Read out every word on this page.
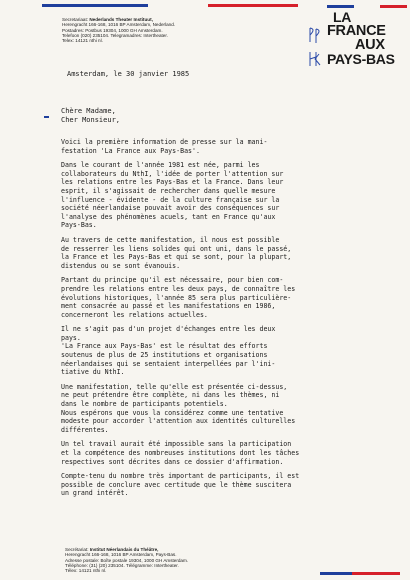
Secretariaat: Nederlands Theater Instituut,
Herengracht 166-168, 1016 BP Amsterdam, Nederland.
Postadres: Postbus 19304, 1000 GH Amsterdam.
Telefoon (020) 235104. Telegramadres: Intertheater.
Telex: 14121 nthi nl.
LA
FRANCE
AUX
PAYS-BAS
Amsterdam, le 30 janvier 1985
Chère Madame,
Cher Monsieur,
Voici la première information de presse sur la mani-
festation 'La France aux Pays-Bas'.
Dans le courant de l'année 1981 est née, parmi les
collaborateurs du NthI, l'idée de porter l'attention sur
les relations entre les Pays-Bas et la France. Dans leur
esprit, il s'agissait de rechercher dans quelle mesure
l'influence - évidente - de la culture française sur la
société néerlandaise pouvait avoir des conséquences sur
l'analyse des phénomènes acuels, tant en France qu'aux
Pays-Bas.
Au travers de cette manifestation, il nous est possible
de resserrer les liens solides qui ont uni, dans le passé,
la France et les Pays-Bas et qui se sont, pour la plupart,
distendus ou se sont évanouis.
Partant du principe qu'il est nécessaire, pour bien com-
prendre les relations entre les deux pays, de connaître les
évolutions historiques, l'année 85 sera plus particulière-
ment consacrée au passé et les manifestations en 1986,
concerneront les relations actuelles.
Il ne s'agit pas d'un projet d'échanges entre les deux
pays.
'La France aux Pays-Bas' est le résultat des efforts
soutenus de plus de 25 institutions et organisations
néerlandaises qui se sentaient interpellées par l'ini-
tiative du NthI.
Une manifestation, telle qu'elle est présentée ci-dessus,
ne peut prétendre être complète, ni dans les thèmes, ni
dans le nombre de participants potentiels.
Nous espérons que vous la considérez comme une tentative
modeste pour accorder l'attention aux identités culturelles
différentes.
Un tel travail aurait été impossible sans la participation
et la compétence des nombreuses institutions dont les tâches
respectives sont décrites dans ce dossier d'affirmation.
Compte-tenu du nombre très important de participants, il est
possible de conclure avec certitude que le thème suscitera
un grand intérêt.
Secrétariat: Institut Néerlandais du Théâtre,
Herengracht 166-168, 1016 BP Amsterdam, Pays-Bas.
Adresse postale: Boîte postale 19304, 1000 GH Amsterdam.
Téléphone: (31) (20) 235104. Télégramme: Intertheater.
Télex: 14121 nthi nl.
